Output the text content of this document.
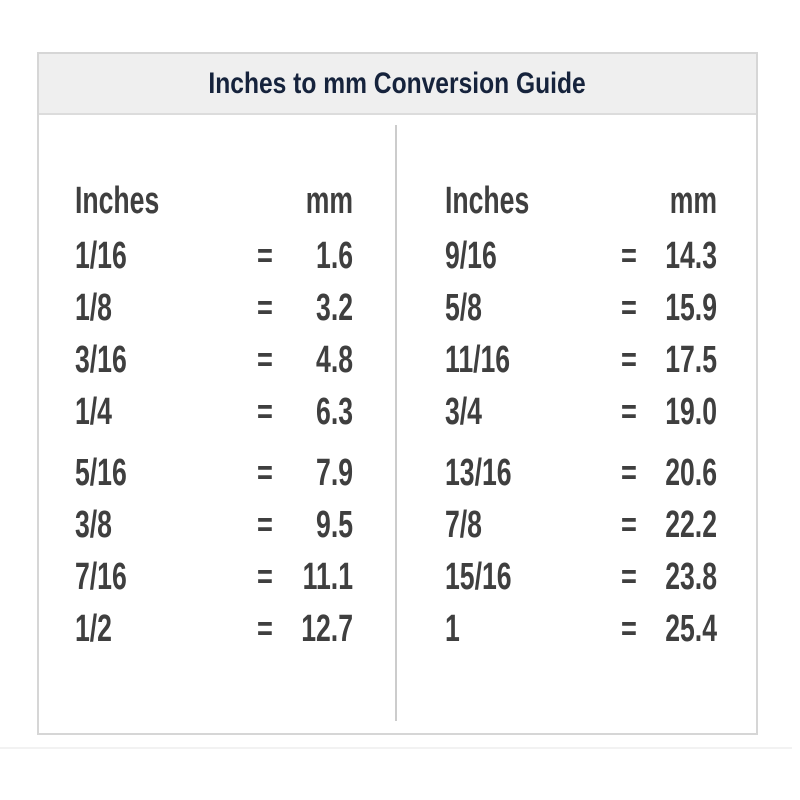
Inches to mm Conversion Guide
Inches	mm
1/16	=	1.6
1/8	=	3.2
3/16	=	4.8
1/4	=	6.3
5/16	=	7.9
3/8	=	9.5
7/16	= 11.1
1/2	= 12.7
Inches	mm
9/16	= 14.3
5/8	= 15.9
11/16	= 17.5
3/4	= 19.0
13/16	= 20.6
7/8	= 22.2
15/16	= 23.8
1	= 25.4
